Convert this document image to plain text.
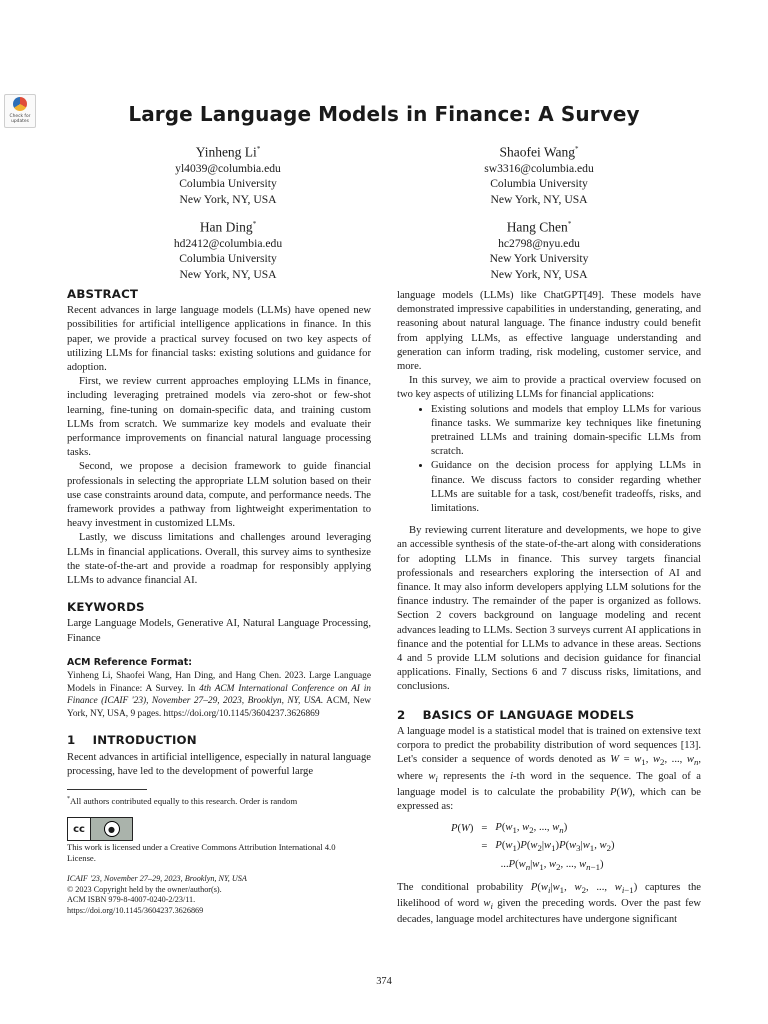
Check for updates	Large Language Models in Finance: A Survey
Yinheng Li*
yl4039@columbia.edu
Columbia University
New York, NY, USA
Shaofei Wang*
sw3316@columbia.edu
Columbia University
New York, NY, USA
Han Ding*
hd2412@columbia.edu
Columbia University
New York, NY, USA
Hang Chen*
hc2798@nyu.edu
New York University
New York, NY, USA

ABSTRACT

Recent advances in large language models (LLMs) have opened new possibilities for artificial intelligence applications in finance. In this paper, we provide a practical survey focused on two key aspects of utilizing LLMs for financial tasks: existing solutions and guidance for adoption.

First, we review current approaches employing LLMs in finance, including leveraging pretrained models via zero-shot or few-shot learning, fine-tuning on domain-specific data, and training custom LLMs from scratch. We summarize key models and evaluate their performance improvements on financial natural language processing tasks.

Second, we propose a decision framework to guide financial professionals in selecting the appropriate LLM solution based on their use case constraints around data, compute, and performance needs. The framework provides a pathway from lightweight experimentation to heavy investment in customized LLMs.

Lastly, we discuss limitations and challenges around leveraging LLMs in financial applications. Overall, this survey aims to synthesize the state-of-the-art and provide a roadmap for responsibly applying LLMs to advance financial AI.

KEYWORDS

Large Language Models, Generative AI, Natural Language Processing, Finance

ACM Reference Format:

Yinheng Li, Shaofei Wang, Han Ding, and Hang Chen. 2023. Large Language Models in Finance: A Survey. In 4th ACM International Conference on AI in Finance (ICAIF '23), November 27–29, 2023, Brooklyn, NY, USA. ACM, New York, NY, USA, 9 pages. https://doi.org/10.1145/3604237.3626869

1 INTRODUCTION

Recent advances in artificial intelligence, especially in natural language processing, have led to the development of powerful large

*All authors contributed equally to this research. Order is random
cc	●
This work is licensed under a Creative Commons Attribution International 4.0 License.
ICAIF '23, November 27–29, 2023, Brooklyn, NY, USA
© 2023 Copyright held by the owner/author(s).
ACM ISBN 979-8-4007-0240-2/23/11.
https://doi.org/10.1145/3604237.3626869

language models (LLMs) like ChatGPT[49]. These models have demonstrated impressive capabilities in understanding, generating, and reasoning about natural language. The finance industry could benefit from applying LLMs, as effective language understanding and generation can inform trading, risk modeling, customer service, and more.

In this survey, we aim to provide a practical overview focused on two key aspects of utilizing LLMs for financial applications:

• Existing solutions and models that employ LLMs for various finance tasks. We summarize key techniques like finetuning pretrained LLMs and training domain-specific LLMs from scratch.
• Guidance on the decision process for applying LLMs in finance. We discuss factors to consider regarding whether LLMs are suitable for a task, cost/benefit tradeoffs, risks, and limitations.

By reviewing current literature and developments, we hope to give an accessible synthesis of the state-of-the-art along with considerations for adopting LLMs in finance. This survey targets financial professionals and researchers exploring the intersection of AI and finance. It may also inform developers applying LLM solutions for the finance industry. The remainder of the paper is organized as follows. Section 2 covers background on language modeling and recent advances leading to LLMs. Section 3 surveys current AI applications in finance and the potential for LLMs to advance in these areas. Sections 4 and 5 provide LLM solutions and decision guidance for financial applications. Finally, Sections 6 and 7 discuss risks, limitations, and conclusions.

2 BASICS OF LANGUAGE MODELS

A language model is a statistical model that is trained on extensive text corpora to predict the probability distribution of word sequences [13]. Let's consider a sequence of words denoted as $W = w_1$, $w_2$, ..., $w_n$, where $w_i$ represents the i-th word in the sequence. The goal of a language model is to calculate the probability P(W), which can be expressed as:

P(W)	=	$P(w_1$, $w_2$, ..., $w_n$)
	=	$P(w_1)P(w_2|w_1)P(w_3|w_1$, $w_2$)
		$...P(w_n|w_1$, $w_2$, ..., $w_{n-1}$)

The conditional probability $P(w_i|w_1$, $w_2$, ..., $w_{i-1}$) captures the likelihood of word $w_i$ given the preceding words. Over the past few decades, language model architectures have undergone significant

374
